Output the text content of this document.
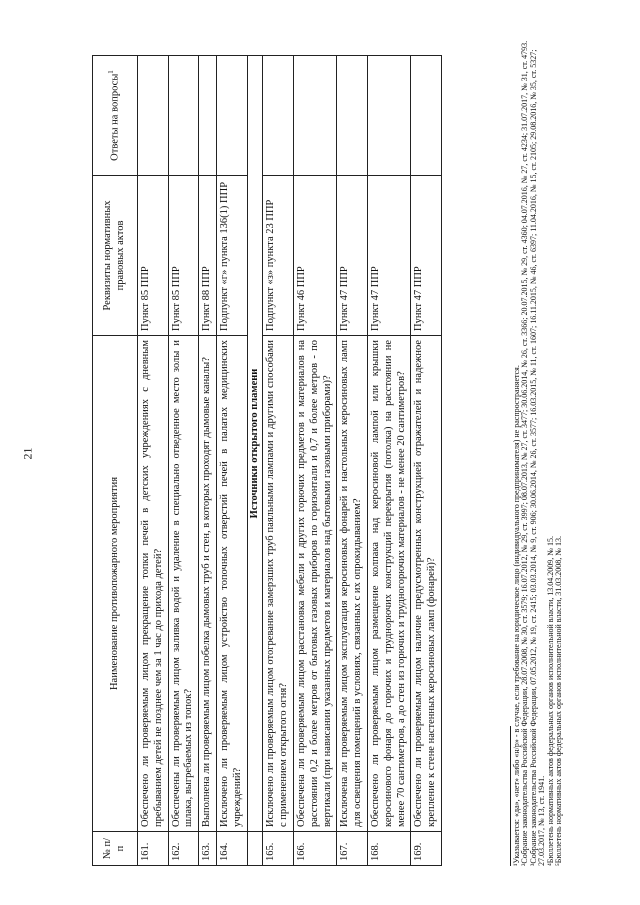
21
№ п/п	Наименование противопожарного мероприятия	Реквизиты нормативных правовых актов	Ответы на вопросы$^1$
161.	Обеспечено ли проверяемым лицом прекращение топки печей в детских учреждениях с дневным пребыванием детей не позднее чем за 1 час до прихода детей?	Пункт 85 ППР	
162.	Обеспечены ли проверяемым лицом заливка водой и удаление в специально отведенное место золы и шлака, выгребаемых из топок?	Пункт 85 ППР	
163.	Выполнена ли проверяемым лицом побелка дымовых труб и стен, в которых проходят дымовые каналы?	Пункт 88 ППР	
164.	Исключено ли проверяемым лицом устройство топочных отверстий печей в палатах медицинских учреждений?	Подпункт «г» пункта 136(1) ППР	
	Источники открытого пламени		
165.	Исключено ли проверяемым лицом отогревание замерзших труб паяльными лампами и другими способами с применением открытого огня?	Подпункт «з» пункта 23 ППР	
166.	Обеспечена ли проверяемым лицом расстановка мебели и других горючих предметов и материалов на расстоянии 0,2 и более метров от бытовых газовых приборов по горизонтали и 0,7 и более метров - по вертикали (при нависании указанных предметов и материалов над бытовыми газовыми приборами)?	Пункт 46 ППР	
167.	Исключена ли проверяемым лицом эксплуатация керосиновых фонарей и настольных керосиновых ламп для освещения помещений в условиях, связанных с их опрокидыванием?	Пункт 47 ППР	
168.	Обеспечено ли проверяемым лицом размещение колпака над керосиновой лампой или крышки керосинового фонаря до горючих и труднорючих конструкций перекрытия (потолка) на расстоянии не менее 70 сантиметров, а до стен из горючих и трудногорючих материалов - не менее 20 сантиметров?	Пункт 47 ППР	
169.	Обеспечено ли проверяемым лицом наличие предусмотренных конструкцией отражателей и надежное крепление к стене настенных керосиновых ламп (фонарей)?	Пункт 47 ППР	

¹Указывается: «да», «нет» либо «н/р» - в случае, если требование на юридическое лицо (индивидуального предпринимателя) не распространяется. ²Собрание законодательства Российской Федерации, 28.07.2008, № 30, ст. 3579; 16.07.2012, № 29, ст. 3997; 08.07.2013, № 27, ст. 3477; 30.06.2014, № 26, ст. 3366; 20.07.2015, № 29, ст. 4360; 04.07.2016, № 27, ст. 4234; 31.07.2017, № 31, ст. 4793. ³Собрание законодательства Российской Федерации, 07.05.2012, № 19, ст. 2415; 03.03.2014, № 9, ст. 906; 30.06.2014, № 26, ст. 3577; 16.03.2015, № 11, ст. 1607; 16.11.2015, № 46, ст. 6397; 11.04.2016, № 15, ст. 2105; 29.08.2016, № 35, ст. 5327; 27.03.2017, № 13, ст. 1941. ⁴Бюллетень нормативных актов федеральных органов исполнительной власти, 13.04.2009, № 15. ⁵Бюллетень нормативных актов федеральных органов исполнительной власти, 31.03.2008, № 13.
